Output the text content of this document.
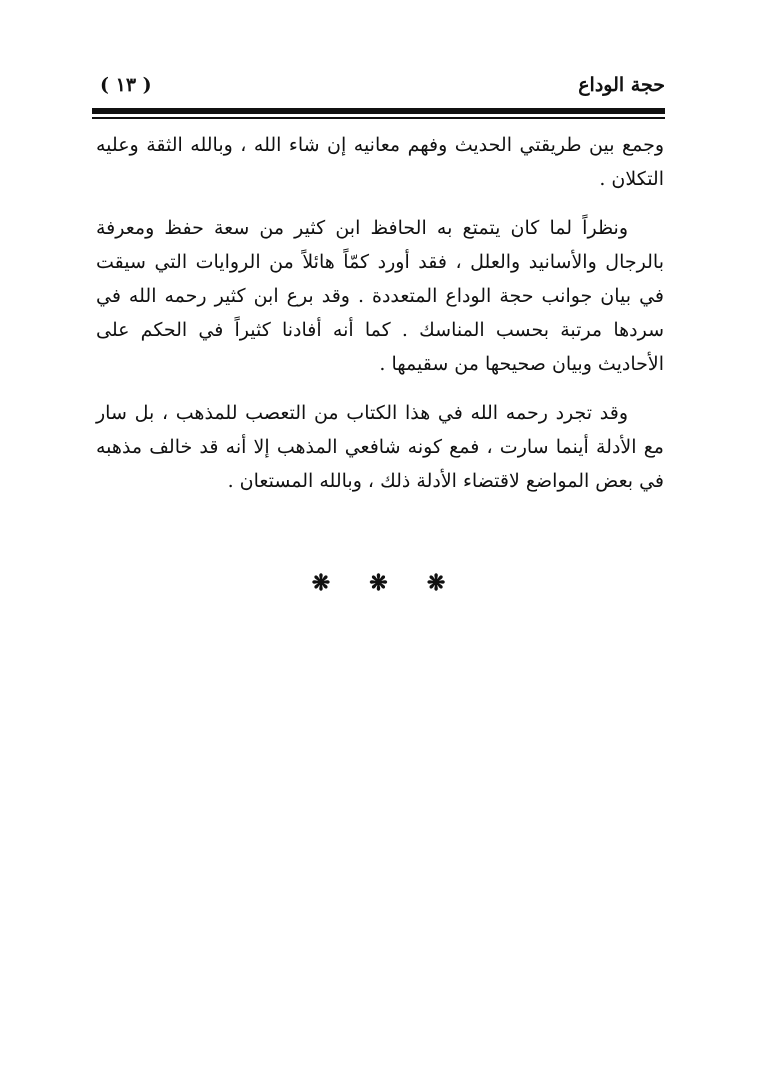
حجة الوداع
( ١٣ )

وجمع بين طريقتي الحديث وفهم معانيه إن شاء الله ، وبالله الثقة وعليه التكلان .

ونظراً لما كان يتمتع به الحافظ ابن كثير من سعة حفظ ومعرفة بالرجال والأسانيد والعلل ، فقد أورد كمّاً هائلاً من الروايات التي سيقت في بيان جوانب حجة الوداع المتعددة . وقد برع ابن كثير رحمه الله في سردها مرتبة بحسب المناسك . كما أنه أفادنا كثيراً في الحكم على الأحاديث وبيان صحيحها من سقيمها .

وقد تجرد رحمه الله في هذا الكتاب من التعصب للمذهب ، بل سار مع الأدلة أينما سارت ، فمع كونه شافعي المذهب إلا أنه قد خالف مذهبه في بعض المواضع لاقتضاء الأدلة ذلك ، وبالله المستعان .

❋ ❋ ❋
